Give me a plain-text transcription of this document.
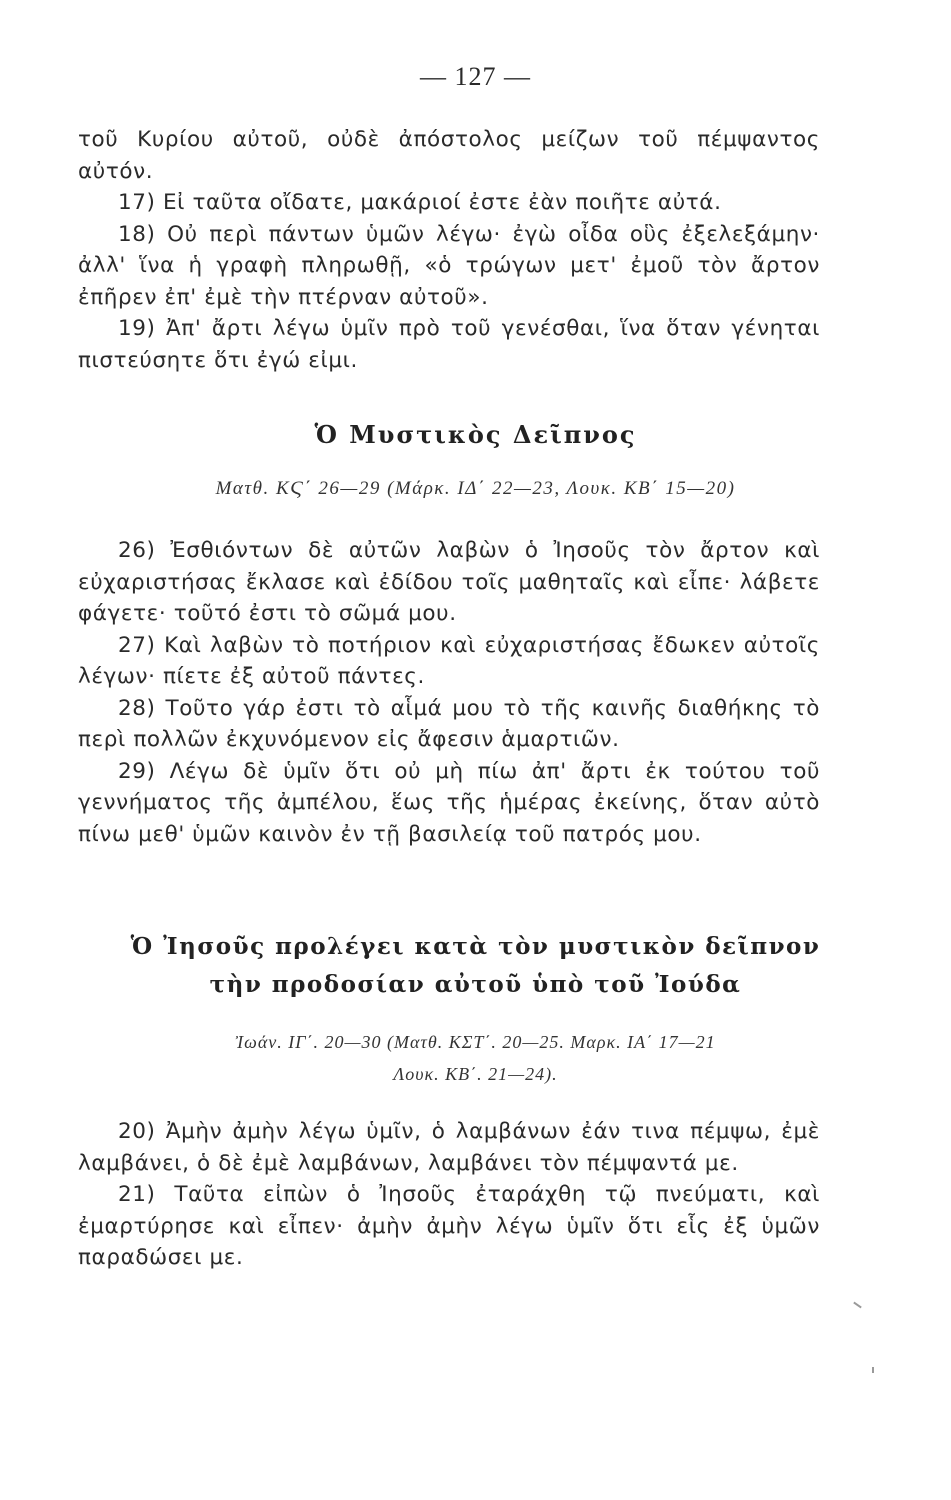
— 127 —

τοῦ Κυρίου αὐτοῦ, οὐδὲ ἀπόστολος μείζων τοῦ πέμψαντος αὐτόν.

17) Εἰ ταῦτα οἴδατε, μακάριοί ἐστε ἐὰν ποιῆτε αὐτά.

18) Οὐ περὶ πάντων ὑμῶν λέγω· ἐγὼ οἶδα οὓς ἐξελεξάμην· ἀλλ' ἵνα ἡ γραφὴ πληρωθῇ, «ὁ τρώγων μετ' ἐμοῦ τὸν ἄρτον ἐπῆρεν ἐπ' ἐμὲ τὴν πτέρναν αὐτοῦ».

19) Ἀπ' ἄρτι λέγω ὑμῖν πρὸ τοῦ γενέσθαι, ἵνα ὅταν γένηται πιστεύσητε ὅτι ἐγώ εἰμι.

Ὁ Μυστικὸς Δεῖπνος
Ματθ. ΚϚ΄ 26—29 (Μάρκ. ΙΔ΄ 22—23, Λουκ. ΚΒ΄ 15—20)

26) Ἐσθιόντων δὲ αὐτῶν λαβὼν ὁ Ἰησοῦς τὸν ἄρτον καὶ εὐχαριστήσας ἔκλασε καὶ ἐδίδου τοῖς μαθηταῖς καὶ εἶπε· λάβετε φάγετε· τοῦτό ἐστι τὸ σῶμά μου.

27) Καὶ λαβὼν τὸ ποτήριον καὶ εὐχαριστήσας ἔδωκεν αὐτοῖς λέγων· πίετε ἐξ αὐτοῦ πάντες.

28) Τοῦτο γάρ ἐστι τὸ αἷμά μου τὸ τῆς καινῆς διαθήκης τὸ περὶ πολλῶν ἐκχυνόμενον εἰς ἄφεσιν ἁμαρτιῶν.

29) Λέγω δὲ ὑμῖν ὅτι οὐ μὴ πίω ἀπ' ἄρτι ἐκ τούτου τοῦ γεννήματος τῆς ἀμπέλου, ἕως τῆς ἡμέρας ἐκείνης, ὅταν αὐτὸ πίνω μεθ' ὑμῶν καινὸν ἐν τῇ βασιλείᾳ τοῦ πατρός μου.

Ὁ Ἰησοῦς προλέγει κατὰ τὸν μυστικὸν δεῖπνον
τὴν προδοσίαν αὐτοῦ ὑπὸ τοῦ Ἰούδα
Ἰωάν. ΙΓ΄. 20—30 (Ματθ. ΚΣΤ΄. 20—25. Μαρκ. ΙΑ΄ 17—21
Λουκ. ΚΒ΄. 21—24).

20) Ἀμὴν ἀμὴν λέγω ὑμῖν, ὁ λαμβάνων ἐάν τινα πέμψω, ἐμὲ λαμβάνει, ὁ δὲ ἐμὲ λαμβάνων, λαμβάνει τὸν πέμψαντά με.

21) Ταῦτα εἰπὼν ὁ Ἰησοῦς ἐταράχθη τῷ πνεύματι, καὶ ἐμαρτύρησε καὶ εἶπεν· ἀμὴν ἀμὴν λέγω ὑμῖν ὅτι εἷς ἐξ ὑμῶν παραδώσει με.
